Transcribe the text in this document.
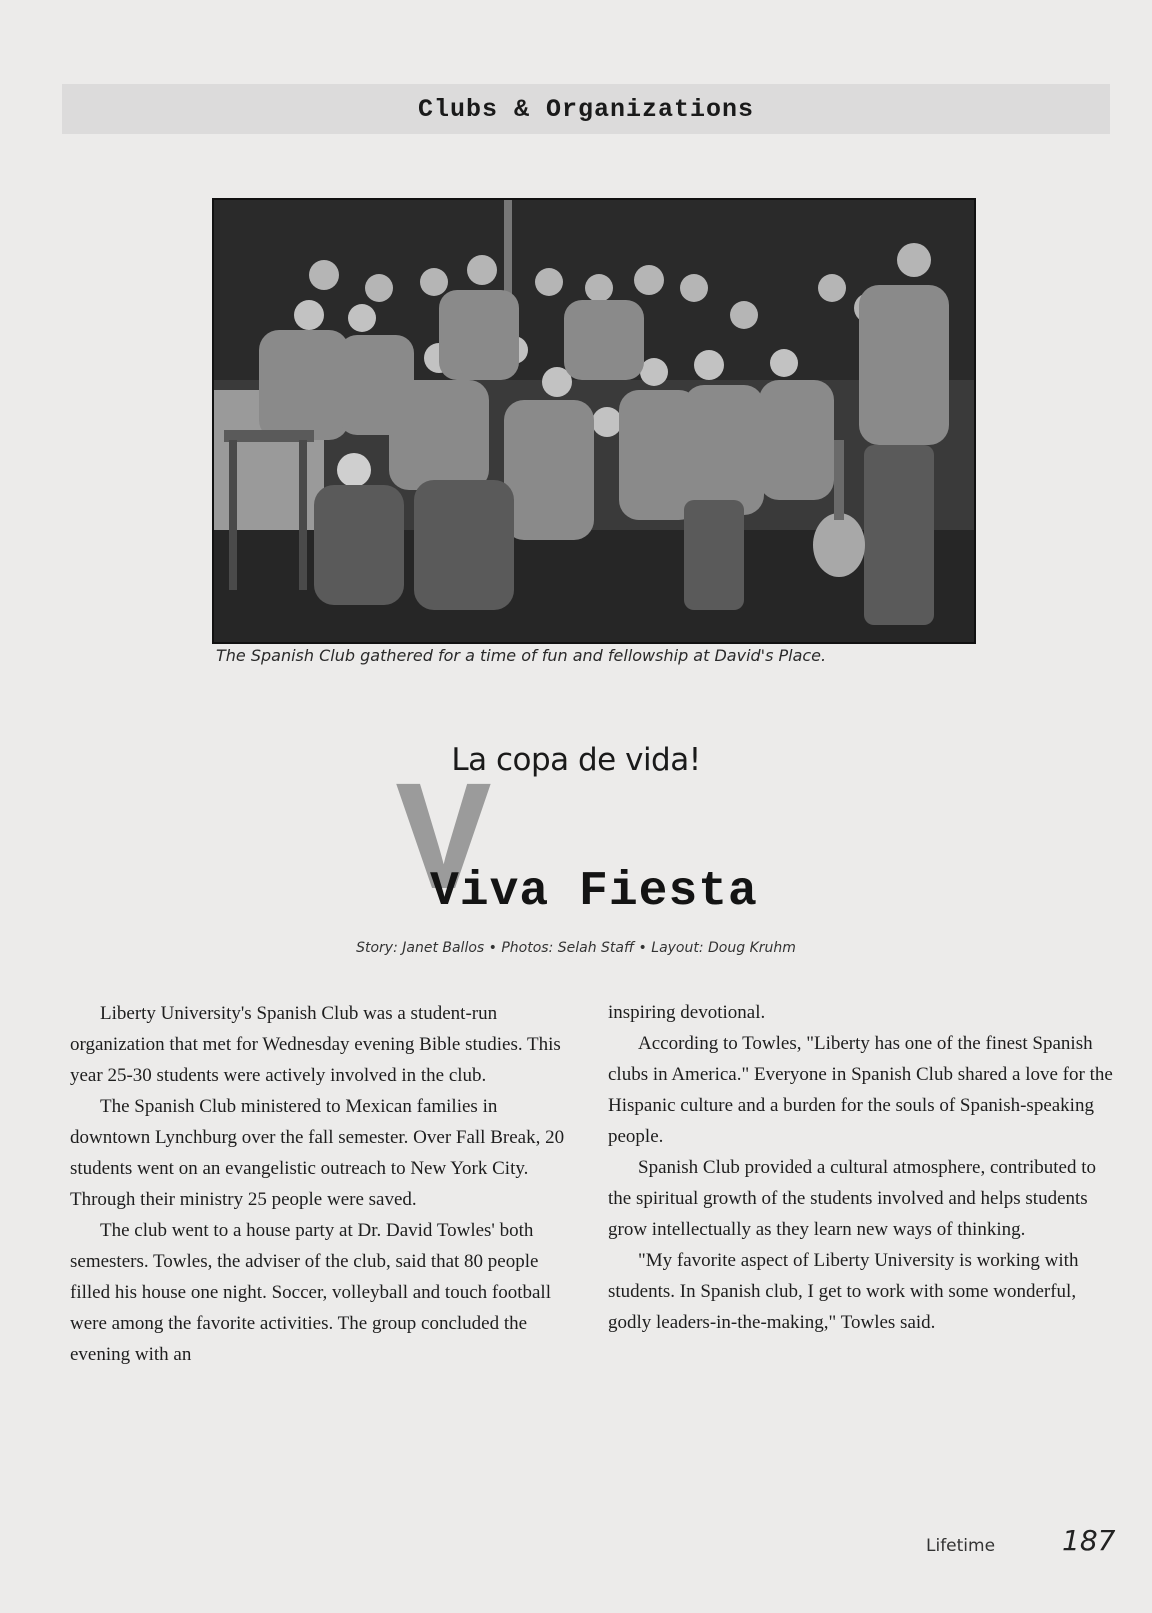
Clubs & Organizations
The Spanish Club gathered for a time of fun and fellowship at David's Place.
La copa de vida!
V
Viva Fiesta
Story: Janet Ballos • Photos: Selah Staff • Layout: Doug Kruhm

Liberty University's Spanish Club was a student-run organization that met for Wednesday evening Bible studies. This year 25-30 students were actively involved in the club.

The Spanish Club ministered to Mexican families in downtown Lynchburg over the fall semester. Over Fall Break, 20 students went on an evangelistic outreach to New York City. Through their ministry 25 people were saved.

The club went to a house party at Dr. David Towles' both semesters. Towles, the adviser of the club, said that 80 people filled his house one night. Soccer, volleyball and touch football were among the favorite activities. The group concluded the evening with an

inspiring devotional.

According to Towles, "Liberty has one of the finest Spanish clubs in America." Everyone in Spanish Club shared a love for the Hispanic culture and a burden for the souls of Spanish-speaking people.

Spanish Club provided a cultural atmosphere, contributed to the spiritual growth of the students involved and helps students grow intellectually as they learn new ways of thinking.

"My favorite aspect of Liberty University is working with students. In Spanish club, I get to work with some wonderful, godly leaders-in-the-making," Towles said.

Lifetime 187
